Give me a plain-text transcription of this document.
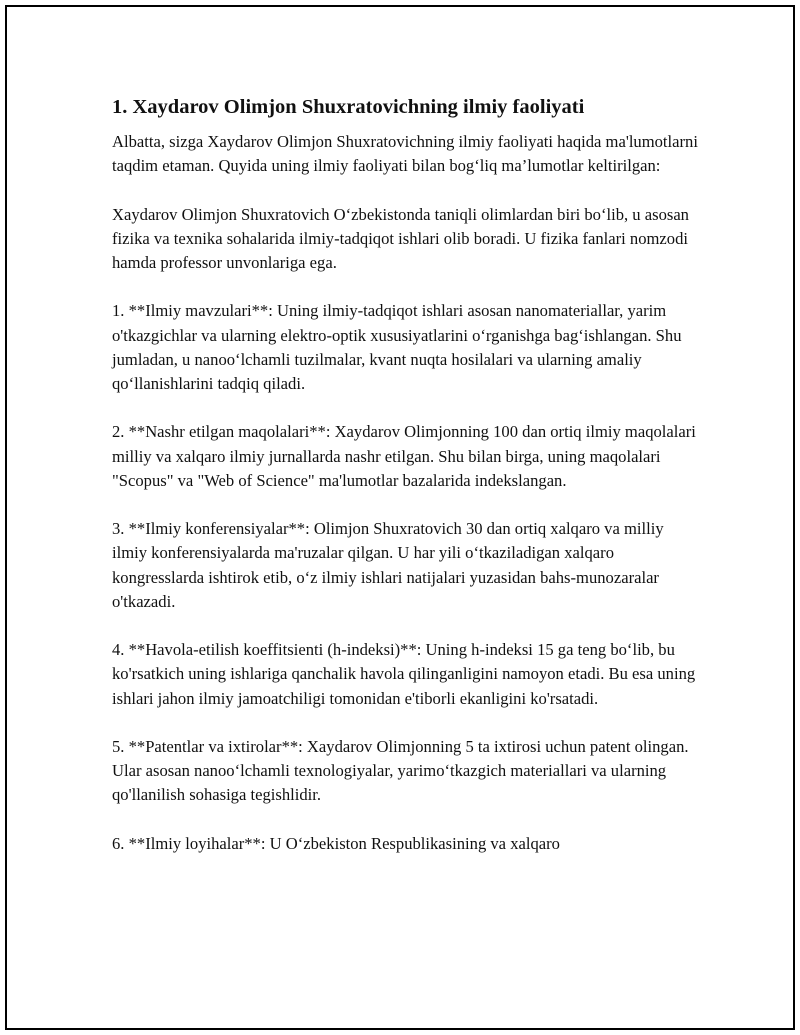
1. Xaydarov Olimjon Shuxratovichning ilmiy faoliyati

Albatta, sizga Xaydarov Olimjon Shuxratovichning ilmiy faoliyati haqida ma'lumotlarni taqdim etaman. Quyida uning ilmiy faoliyati bilan bog‘liq ma’lumotlar keltirilgan:

Xaydarov Olimjon Shuxratovich O‘zbekistonda taniqli olimlardan biri bo‘lib, u asosan fizika va texnika sohalarida ilmiy-tadqiqot ishlari olib boradi. U fizika fanlari nomzodi hamda professor unvonlariga ega.

1. **Ilmiy mavzulari**: Uning ilmiy-tadqiqot ishlari asosan nanomateriallar, yarim o'tkazgichlar va ularning elektro-optik xususiyatlarini o‘rganishga bag‘ishlangan. Shu jumladan, u nanoo‘lchamli tuzilmalar, kvant nuqta hosilalari va ularning amaliy qo‘llanishlarini tadqiq qiladi.

2. **Nashr etilgan maqolalari**: Xaydarov Olimjonning 100 dan ortiq ilmiy maqolalari milliy va xalqaro ilmiy jurnallarda nashr etilgan. Shu bilan birga, uning maqolalari "Scopus" va "Web of Science" ma'lumotlar bazalarida indekslangan.

3. **Ilmiy konferensiyalar**: Olimjon Shuxratovich 30 dan ortiq xalqaro va milliy ilmiy konferensiyalarda ma'ruzalar qilgan. U har yili o‘tkaziladigan xalqaro kongresslarda ishtirok etib, o‘z ilmiy ishlari natijalari yuzasidan bahs-munozaralar o'tkazadi.

4. **Havola-etilish koeffitsienti (h-indeksi)**: Uning h-indeksi 15 ga teng bo‘lib, bu ko'rsatkich uning ishlariga qanchalik havola qilinganligini namoyon etadi. Bu esa uning ishlari jahon ilmiy jamoatchiligi tomonidan e'tiborli ekanligini ko'rsatadi.

5. **Patentlar va ixtirolar**: Xaydarov Olimjonning 5 ta ixtirosi uchun patent olingan. Ular asosan nanoo‘lchamli texnologiyalar, yarimo‘tkazgich materiallari va ularning qo'llanilish sohasiga tegishlidir.

6. **Ilmiy loyihalar**: U O‘zbekiston Respublikasining va xalqaro
